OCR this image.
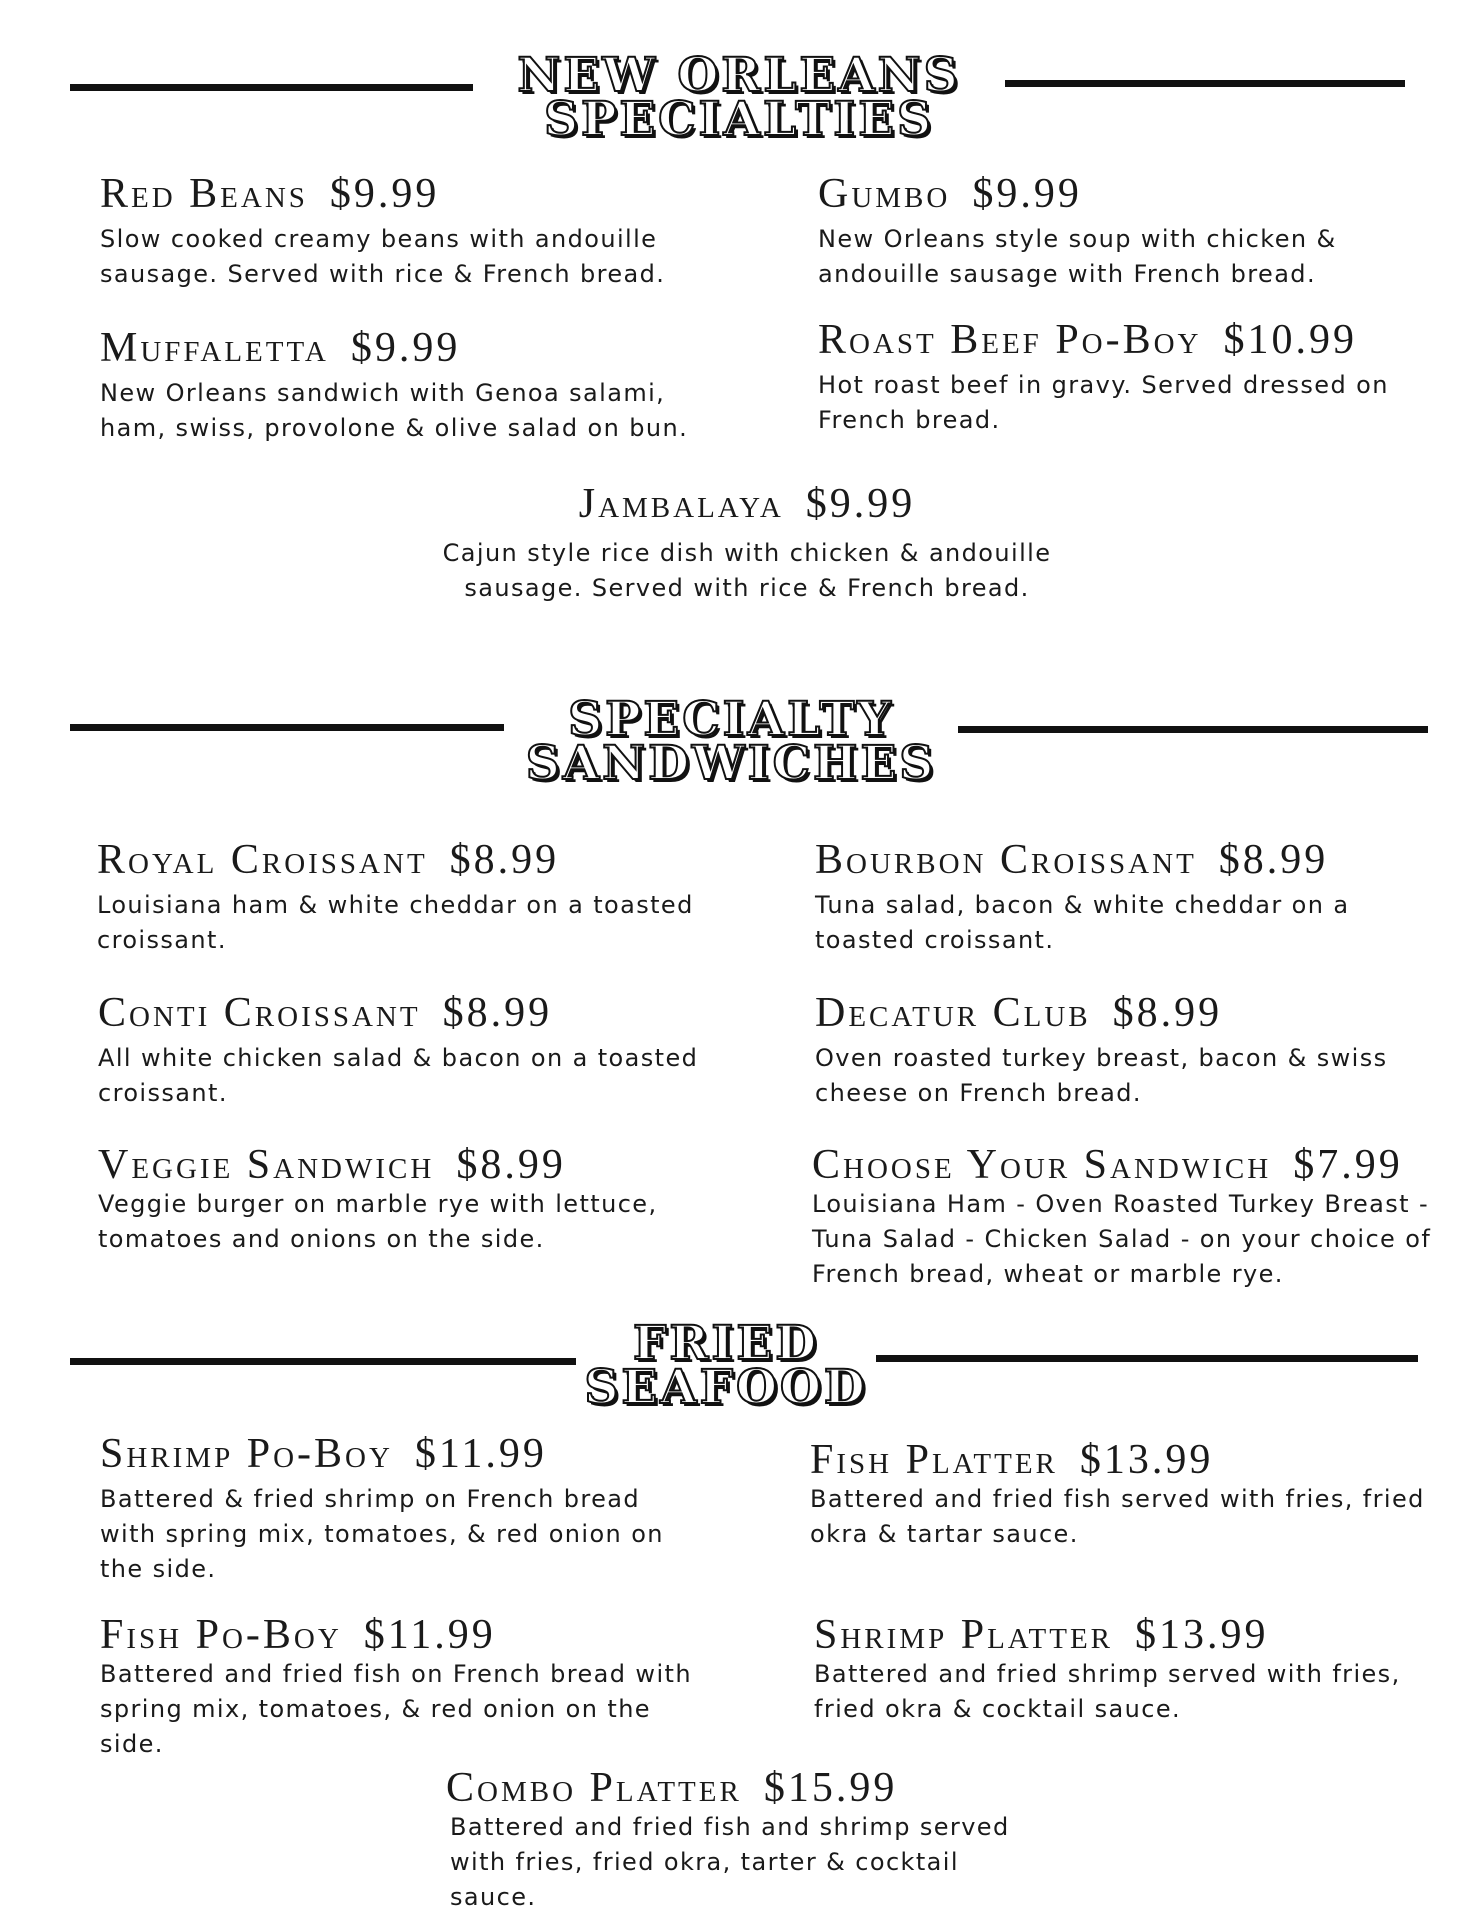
NEW ORLEANS
SPECIALTIES
Red Beans $9.99
Slow cooked creamy beans with andouille sausage. Served with rice & French bread.
Gumbo $9.99
New Orleans style soup with chicken & andouille sausage with French bread.
Muffaletta $9.99
New Orleans sandwich with Genoa salami, ham, swiss, provolone & olive salad on bun.
Roast Beef Po-Boy $10.99
Hot roast beef in gravy. Served dressed on French bread.
Jambalaya $9.99
Cajun style rice dish with chicken & andouille sausage. Served with rice & French bread.
SPECIALTY
SANDWICHES
Royal Croissant $8.99
Louisiana ham & white cheddar on a toasted croissant.
Bourbon Croissant $8.99
Tuna salad, bacon & white cheddar on a toasted croissant.
Conti Croissant $8.99
All white chicken salad & bacon on a toasted croissant.
Decatur Club $8.99
Oven roasted turkey breast, bacon & swiss cheese on French bread.
Veggie Sandwich $8.99
Veggie burger on marble rye with lettuce, tomatoes and onions on the side.
Choose Your Sandwich $7.99
Louisiana Ham - Oven Roasted Turkey Breast - Tuna Salad - Chicken Salad - on your choice of French bread, wheat or marble rye.
FRIED
SEAFOOD
Shrimp Po-Boy $11.99
Battered & fried shrimp on French bread with spring mix, tomatoes, & red onion on the side.
Fish Platter $13.99
Battered and fried fish served with fries, fried okra & tartar sauce.
Fish Po-Boy $11.99
Battered and fried fish on French bread with spring mix, tomatoes, & red onion on the side.
Shrimp Platter $13.99
Battered and fried shrimp served with fries, fried okra & cocktail sauce.
Combo Platter $15.99
Battered and fried fish and shrimp served with fries, fried okra, tarter & cocktail sauce.
